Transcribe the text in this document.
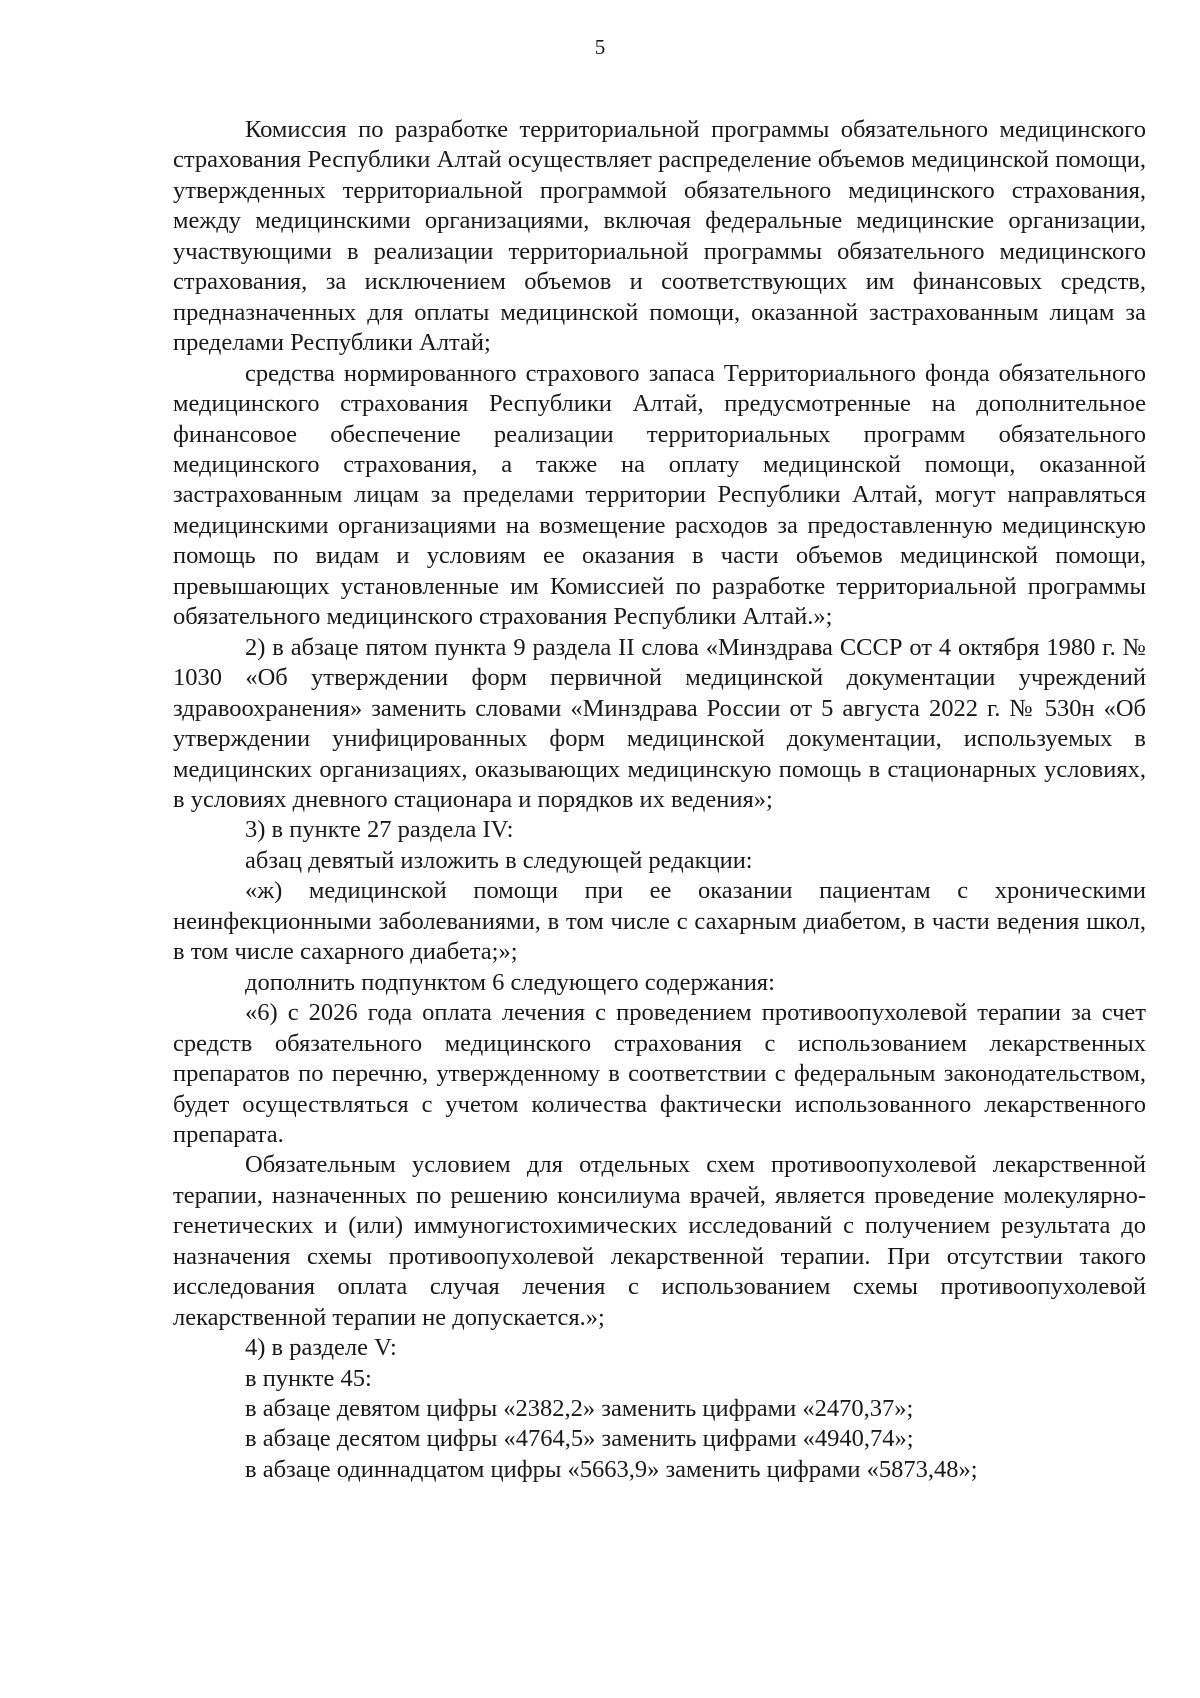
5

Комиссия по разработке территориальной программы обязательного медицинского страхования Республики Алтай осуществляет распределение объемов медицинской помощи, утвержденных территориальной программой обязательного медицинского страхования, между медицинскими организациями, включая федеральные медицинские организации, участвующими в реализации территориальной программы обязательного медицинского страхования, за исключением объемов и соответствующих им финансовых средств, предназначенных для оплаты медицинской помощи, оказанной застрахованным лицам за пределами Республики Алтай;

средства нормированного страхового запаса Территориального фонда обязательного медицинского страхования Республики Алтай, предусмотренные на дополнительное финансовое обеспечение реализации территориальных программ обязательного медицинского страхования, а также на оплату медицинской помощи, оказанной застрахованным лицам за пределами территории Республики Алтай, могут направляться медицинскими организациями на возмещение расходов за предоставленную медицинскую помощь по видам и условиям ее оказания в части объемов медицинской помощи, превышающих установленные им Комиссией по разработке территориальной программы обязательного медицинского страхования Республики Алтай.»;

2) в абзаце пятом пункта 9 раздела II слова «Минздрава СССР от 4 октября 1980 г. № 1030 «Об утверждении форм первичной медицинской документации учреждений здравоохранения» заменить словами «Минздрава России от 5 августа 2022 г. № 530н «Об утверждении унифицированных форм медицинской документации, используемых в медицинских организациях, оказывающих медицинскую помощь в стационарных условиях, в условиях дневного стационара и порядков их ведения»;

3) в пункте 27 раздела IV:

абзац девятый изложить в следующей редакции:

«ж) медицинской помощи при ее оказании пациентам с хроническими неинфекционными заболеваниями, в том числе с сахарным диабетом, в части ведения школ, в том числе сахарного диабета;»;

дополнить подпунктом 6 следующего содержания:

«6) с 2026 года оплата лечения с проведением противоопухолевой терапии за счет средств обязательного медицинского страхования с использованием лекарственных препаратов по перечню, утвержденному в соответствии с федеральным законодательством, будет осуществляться с учетом количества фактически использованного лекарственного препарата.

Обязательным условием для отдельных схем противоопухолевой лекарственной терапии, назначенных по решению консилиума врачей, является проведение молекулярно-генетических и (или) иммуногистохимических исследований с получением результата до назначения схемы противоопухолевой лекарственной терапии. При отсутствии такого исследования оплата случая лечения с использованием схемы противоопухолевой лекарственной терапии не допускается.»;

4) в разделе V:

в пункте 45:

в абзаце девятом цифры «2382,2» заменить цифрами «2470,37»;

в абзаце десятом цифры «4764,5» заменить цифрами «4940,74»;

в абзаце одиннадцатом цифры «5663,9» заменить цифрами «5873,48»;
